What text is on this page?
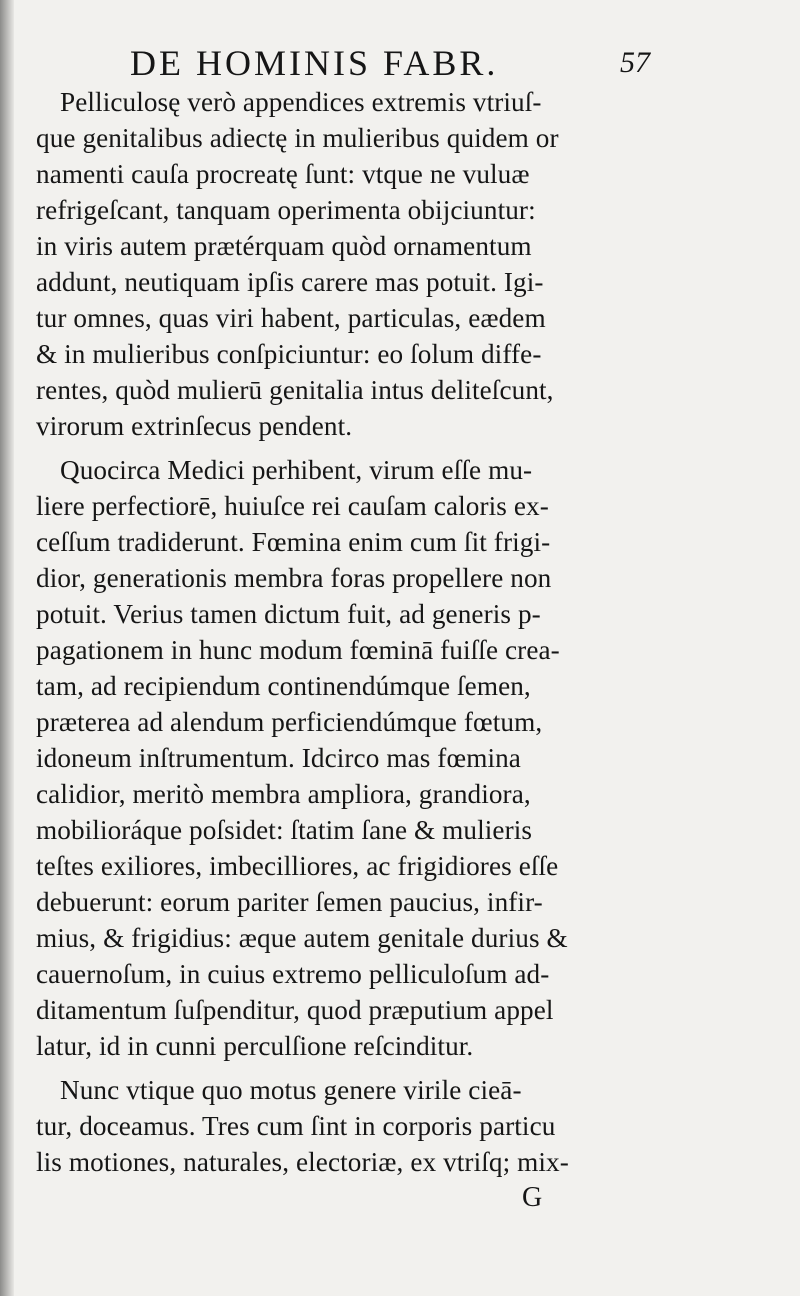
DE HOMINIS FABR.	57
Pelliculosę verò appendices extremis vtriuſ-
que genitalibus adiectę in mulieribus quidem or
namenti cauſa procreatę ſunt: vtque ne vuluæ
refrigeſcant, tanquam operimenta obijciuntur:
in viris autem prætérquam quòd ornamentum
addunt, neutiquam ipſis carere mas potuit. Igi-
tur omnes, quas viri habent, particulas, eædem
& in mulieribus conſpiciuntur: eo ſolum diffe-
rentes, quòd mulierū genitalia intus delitеſcunt,
virorum extrinſecus pendent.
Quocirca Medici perhibent, virum eſſe mu-
liere perfectiorē, huiuſce rei cauſam caloris ex-
ceſſum tradiderunt. Fœmina enim cum ſit frigi-
dior, generationis membra foras propellere non
potuit. Verius tamen dictum fuit, ad generis p-
pagationem in hunc modum fœminā fuiſſe crea-
tam, ad recipiendum continendúmque ſemen,
prӕterea ad alendum perficiendúmque fœtum,
idoneum inſtrumentum. Idcirco mas fœmina
calidior, meritò membra ampliora, grandiora,
mobilioráque poſsidet: ſtatim ſane & mulieris
teſtes exiliores, imbecilliores, ac frigidiores eſſe
debuerunt: eorum pariter ſemen paucius, infir-
mius, & frigidius: æque autem genitale durius &
cauernoſum, in cuius extremo pelliculoſum ad-
ditamentum ſuſpenditur, quod prӕputium appel
latur, id in cunni perculſione reſcinditur.
Nunc vtique quo motus genere virile cieā-
tur, doceamus. Tres cum ſint in corporis particu
lis motiones, naturales, electoriæ, ex vtriſq; mix-
G
